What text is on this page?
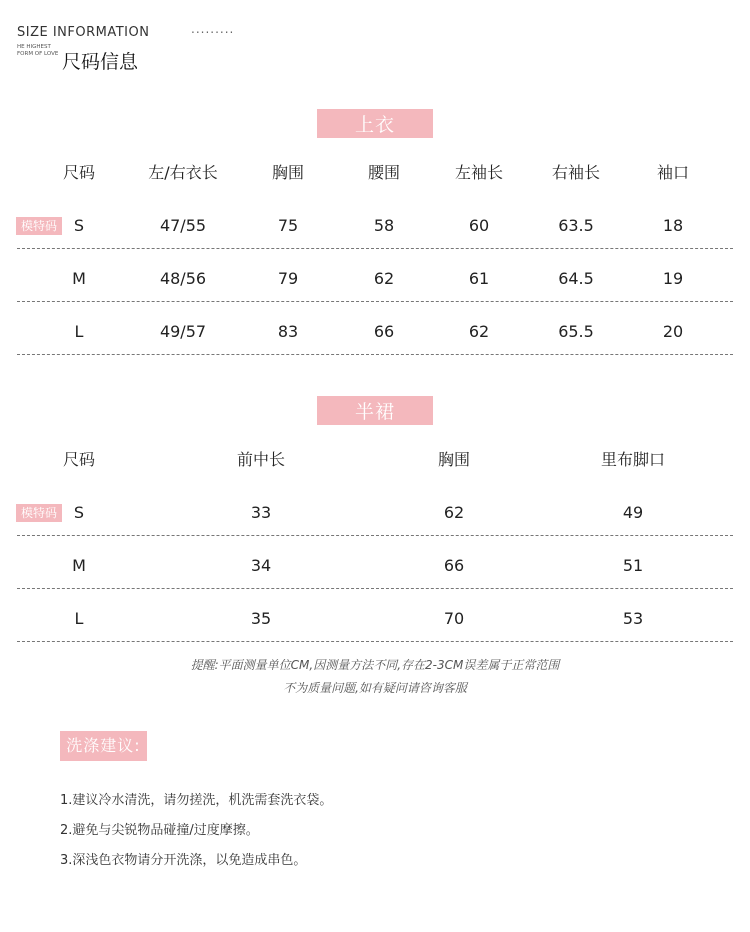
SIZE INFORMATION	.........
HE HIGHEST
FORM OF LOVE 尺码信息
上衣
尺码	左/右衣长	胸围	腰围	左袖长	右袖长	袖口
模特码	S	47/55	75	58	60	63.5	18
M	48/56	79	62	61	64.5	19
L	49/57	83	66	62	65.5	20
半裙
尺码	前中长	胸围	里布脚口
模特码	S	33	62	49
M	34	66	51
L	35	70	53
提醒:平面测量单位CM,因测量方法不同,存在2-3CM误差属于正常范围
不为质量问题,如有疑问请咨询客服
洗涤建议:
1.建议冷水清洗，请勿搓洗，机洗需套洗衣袋。
2.避免与尖锐物品碰撞/过度摩擦。
3.深浅色衣物请分开洗涤，以免造成串色。
